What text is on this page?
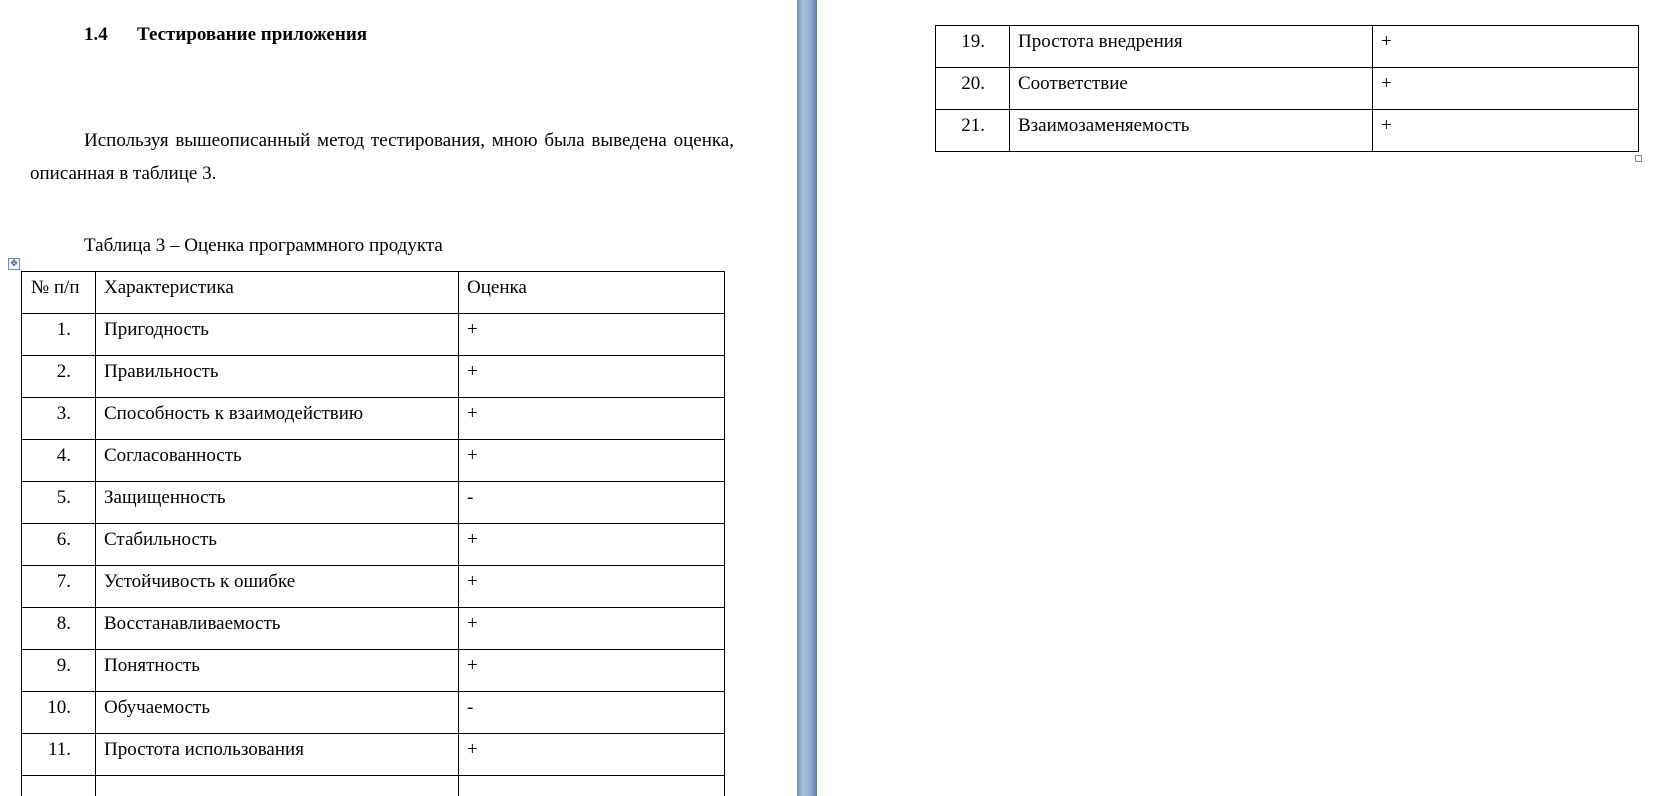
1.4 Тестирование приложения
Используя вышеописанный метод тестирования, мною была выведена оценка, описанная в таблице 3.
Таблица 3 – Оценка программного продукта
✥
№ п/п	Характеристика	Оценка
1.	Пригодность	+
2.	Правильность	+
3.	Способность к взаимодействию	+
4.	Согласованность	+
5.	Защищенность	-
6.	Стабильность	+
7.	Устойчивость к ошибке	+
8.	Восстанавливаемость	+
9.	Понятность	+
10.	Обучаемость	-
11.	Простота использования	+

19.	Простота внедрения	+
20.	Соответствие	+
21.	Взаимозаменяемость	+
